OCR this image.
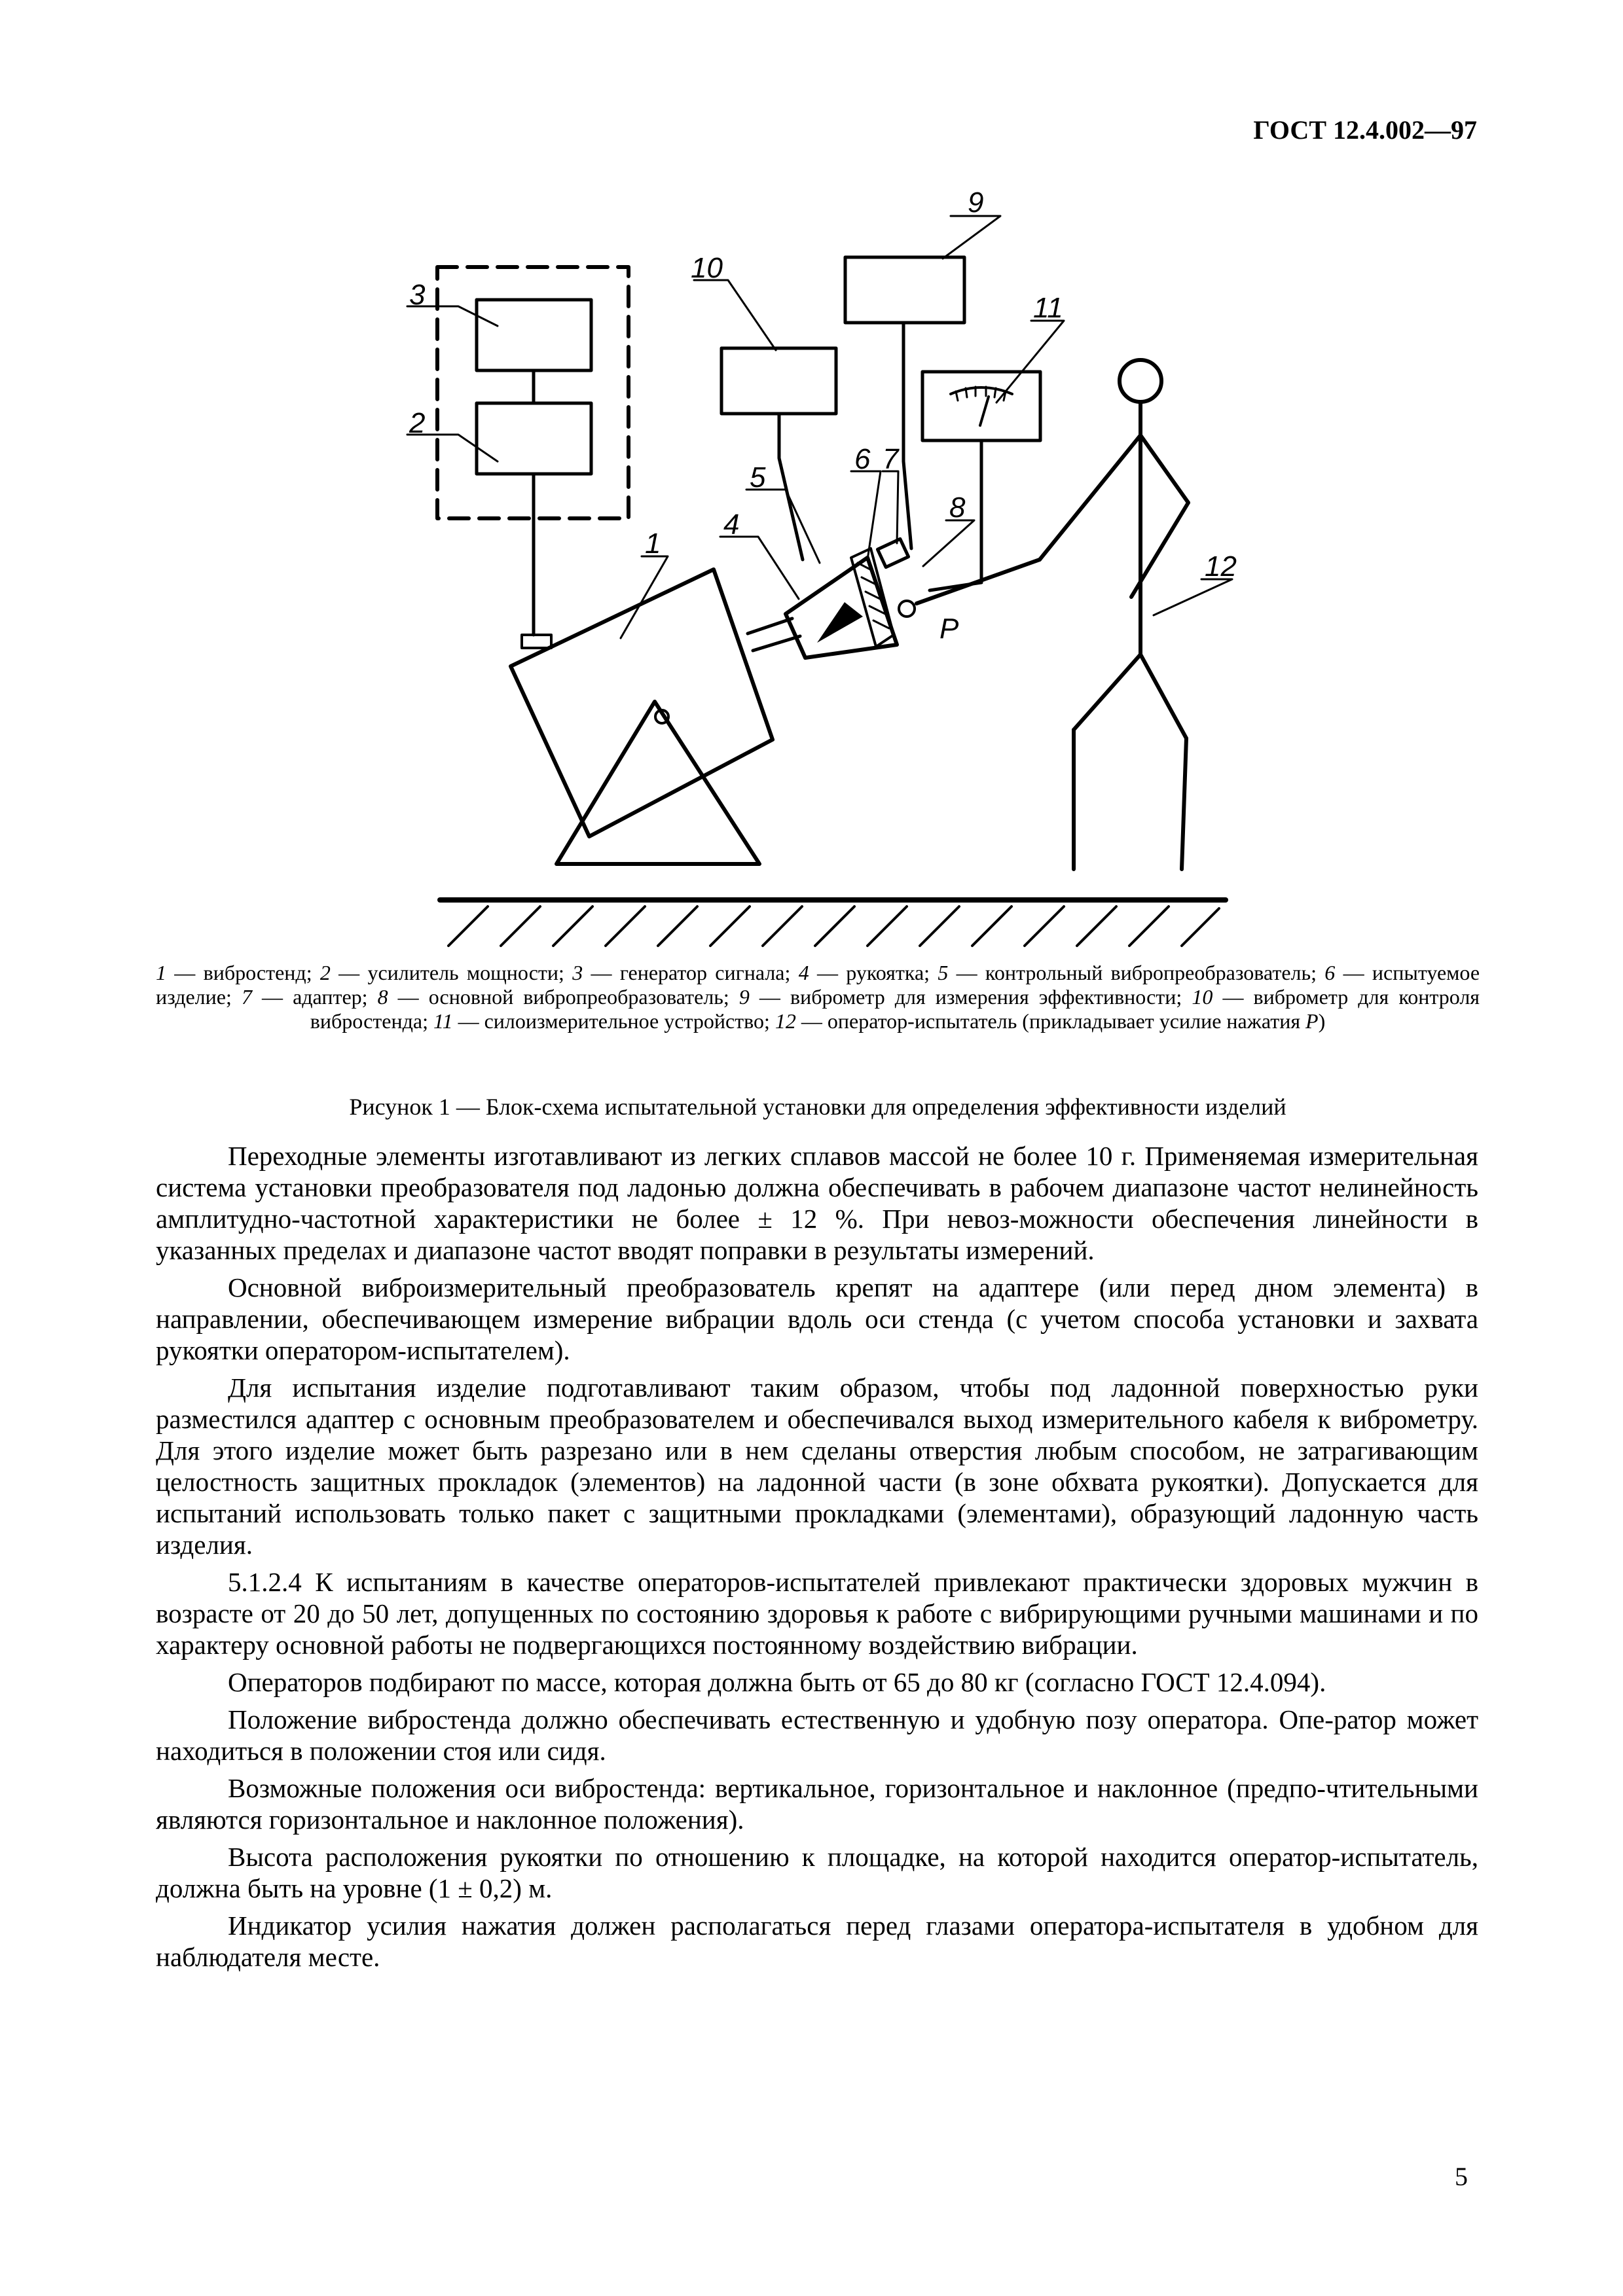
ГОСТ 12.4.002—97
3
2
1
4
5
10
6 7
8
9
11
12
P
1 — вибростенд; 2 — усилитель мощности; 3 — генератор сигнала; 4 — рукоятка; 5 — контрольный вибропреобразователь; 6 — испытуемое изделие; 7 — адаптер; 8 — основной вибропреобразователь; 9 — виброметр для измерения эффективности; 10 — виброметр для контроля вибростенда; 11 — силоизмерительное устройство; 12 — оператор-испытатель (прикладывает усилие нажатия P)
Рисунок 1 — Блок-схема испытательной установки для определения эффективности изделий

Переходные элементы изготавливают из легких сплавов массой не более 10 г. Применяемая измерительная система установки преобразователя под ладонью должна обеспечивать в рабочем диапазоне частот нелинейность амплитудно-частотной характеристики не более ± 12 %. При невоз-можности обеспечения линейности в указанных пределах и диапазоне частот вводят поправки в результаты измерений.

Основной виброизмерительный преобразователь крепят на адаптере (или перед дном элемента) в направлении, обеспечивающем измерение вибрации вдоль оси стенда (с учетом способа установки и захвата рукоятки оператором-испытателем).

Для испытания изделие подготавливают таким образом, чтобы под ладонной поверхностью руки разместился адаптер с основным преобразователем и обеспечивался выход измерительного кабеля к виброметру. Для этого изделие может быть разрезано или в нем сделаны отверстия любым способом, не затрагивающим целостность защитных прокладок (элементов) на ладонной части (в зоне обхвата рукоятки). Допускается для испытаний использовать только пакет с защитными прокладками (элементами), образующий ладонную часть изделия.

5.1.2.4 К испытаниям в качестве операторов-испытателей привлекают практически здоровых мужчин в возрасте от 20 до 50 лет, допущенных по состоянию здоровья к работе с вибрирующими ручными машинами и по характеру основной работы не подвергающихся постоянному воздействию вибрации.

Операторов подбирают по массе, которая должна быть от 65 до 80 кг (согласно ГОСТ 12.4.094).

Положение вибростенда должно обеспечивать естественную и удобную позу оператора. Опе-ратор может находиться в положении стоя или сидя.

Возможные положения оси вибростенда: вертикальное, горизонтальное и наклонное (предпо-чтительными являются горизонтальное и наклонное положения).

Высота расположения рукоятки по отношению к площадке, на которой находится оператор-испытатель, должна быть на уровне (1 ± 0,2) м.

Индикатор усилия нажатия должен располагаться перед глазами оператора-испытателя в удобном для наблюдателя месте.

5
